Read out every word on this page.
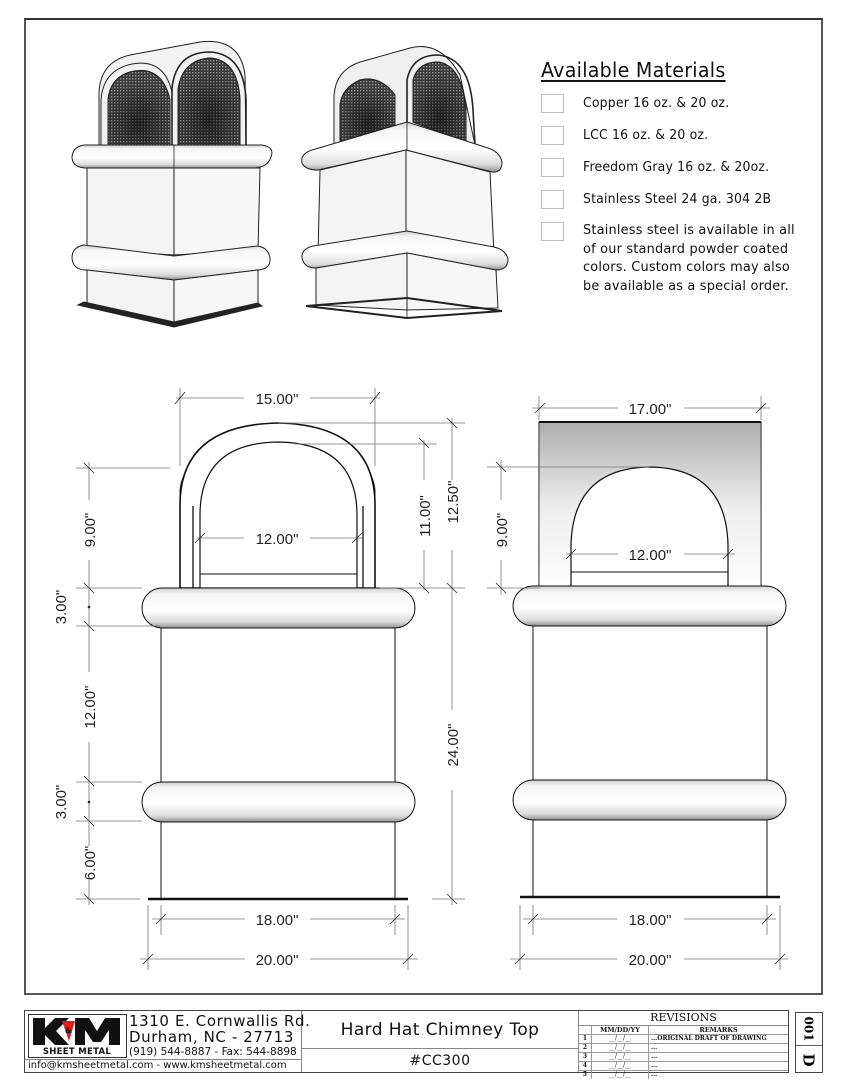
15.00"
12.00"
9.00"
3.00"
12.00"
3.00"
6.00"
11.00" 12.50"
24.00"
18.00"
20.00"
17.00"
9.00"
12.00"
18.00"
20.00"
Available Materials
Copper 16 oz. & 20 oz.
LCC 16 oz. & 20 oz.
Freedom Gray 16 oz. & 20oz.
Stainless Steel 24 ga. 304 2B
Stainless steel is available in all of our standard powder coated colors. Custom colors may also be available as a special order.
&
SHEET METAL
1310 E. Cornwallis Rd.
Durham, NC - 27713
(919) 544-8887 - Fax: 544-8898
info@kmsheetmetal.com - www.kmsheetmetal.com
Hard Hat Chimney Top
#CC300
REVISIONS
	MM/DD/YY	REMARKS
1	__/__/__	...ORIGINAL DRAFT OF DRAWING
2	__/__/__	...
3	__/__/__	...
4	__/__/__	...
5	__/__/__	...
001
D
